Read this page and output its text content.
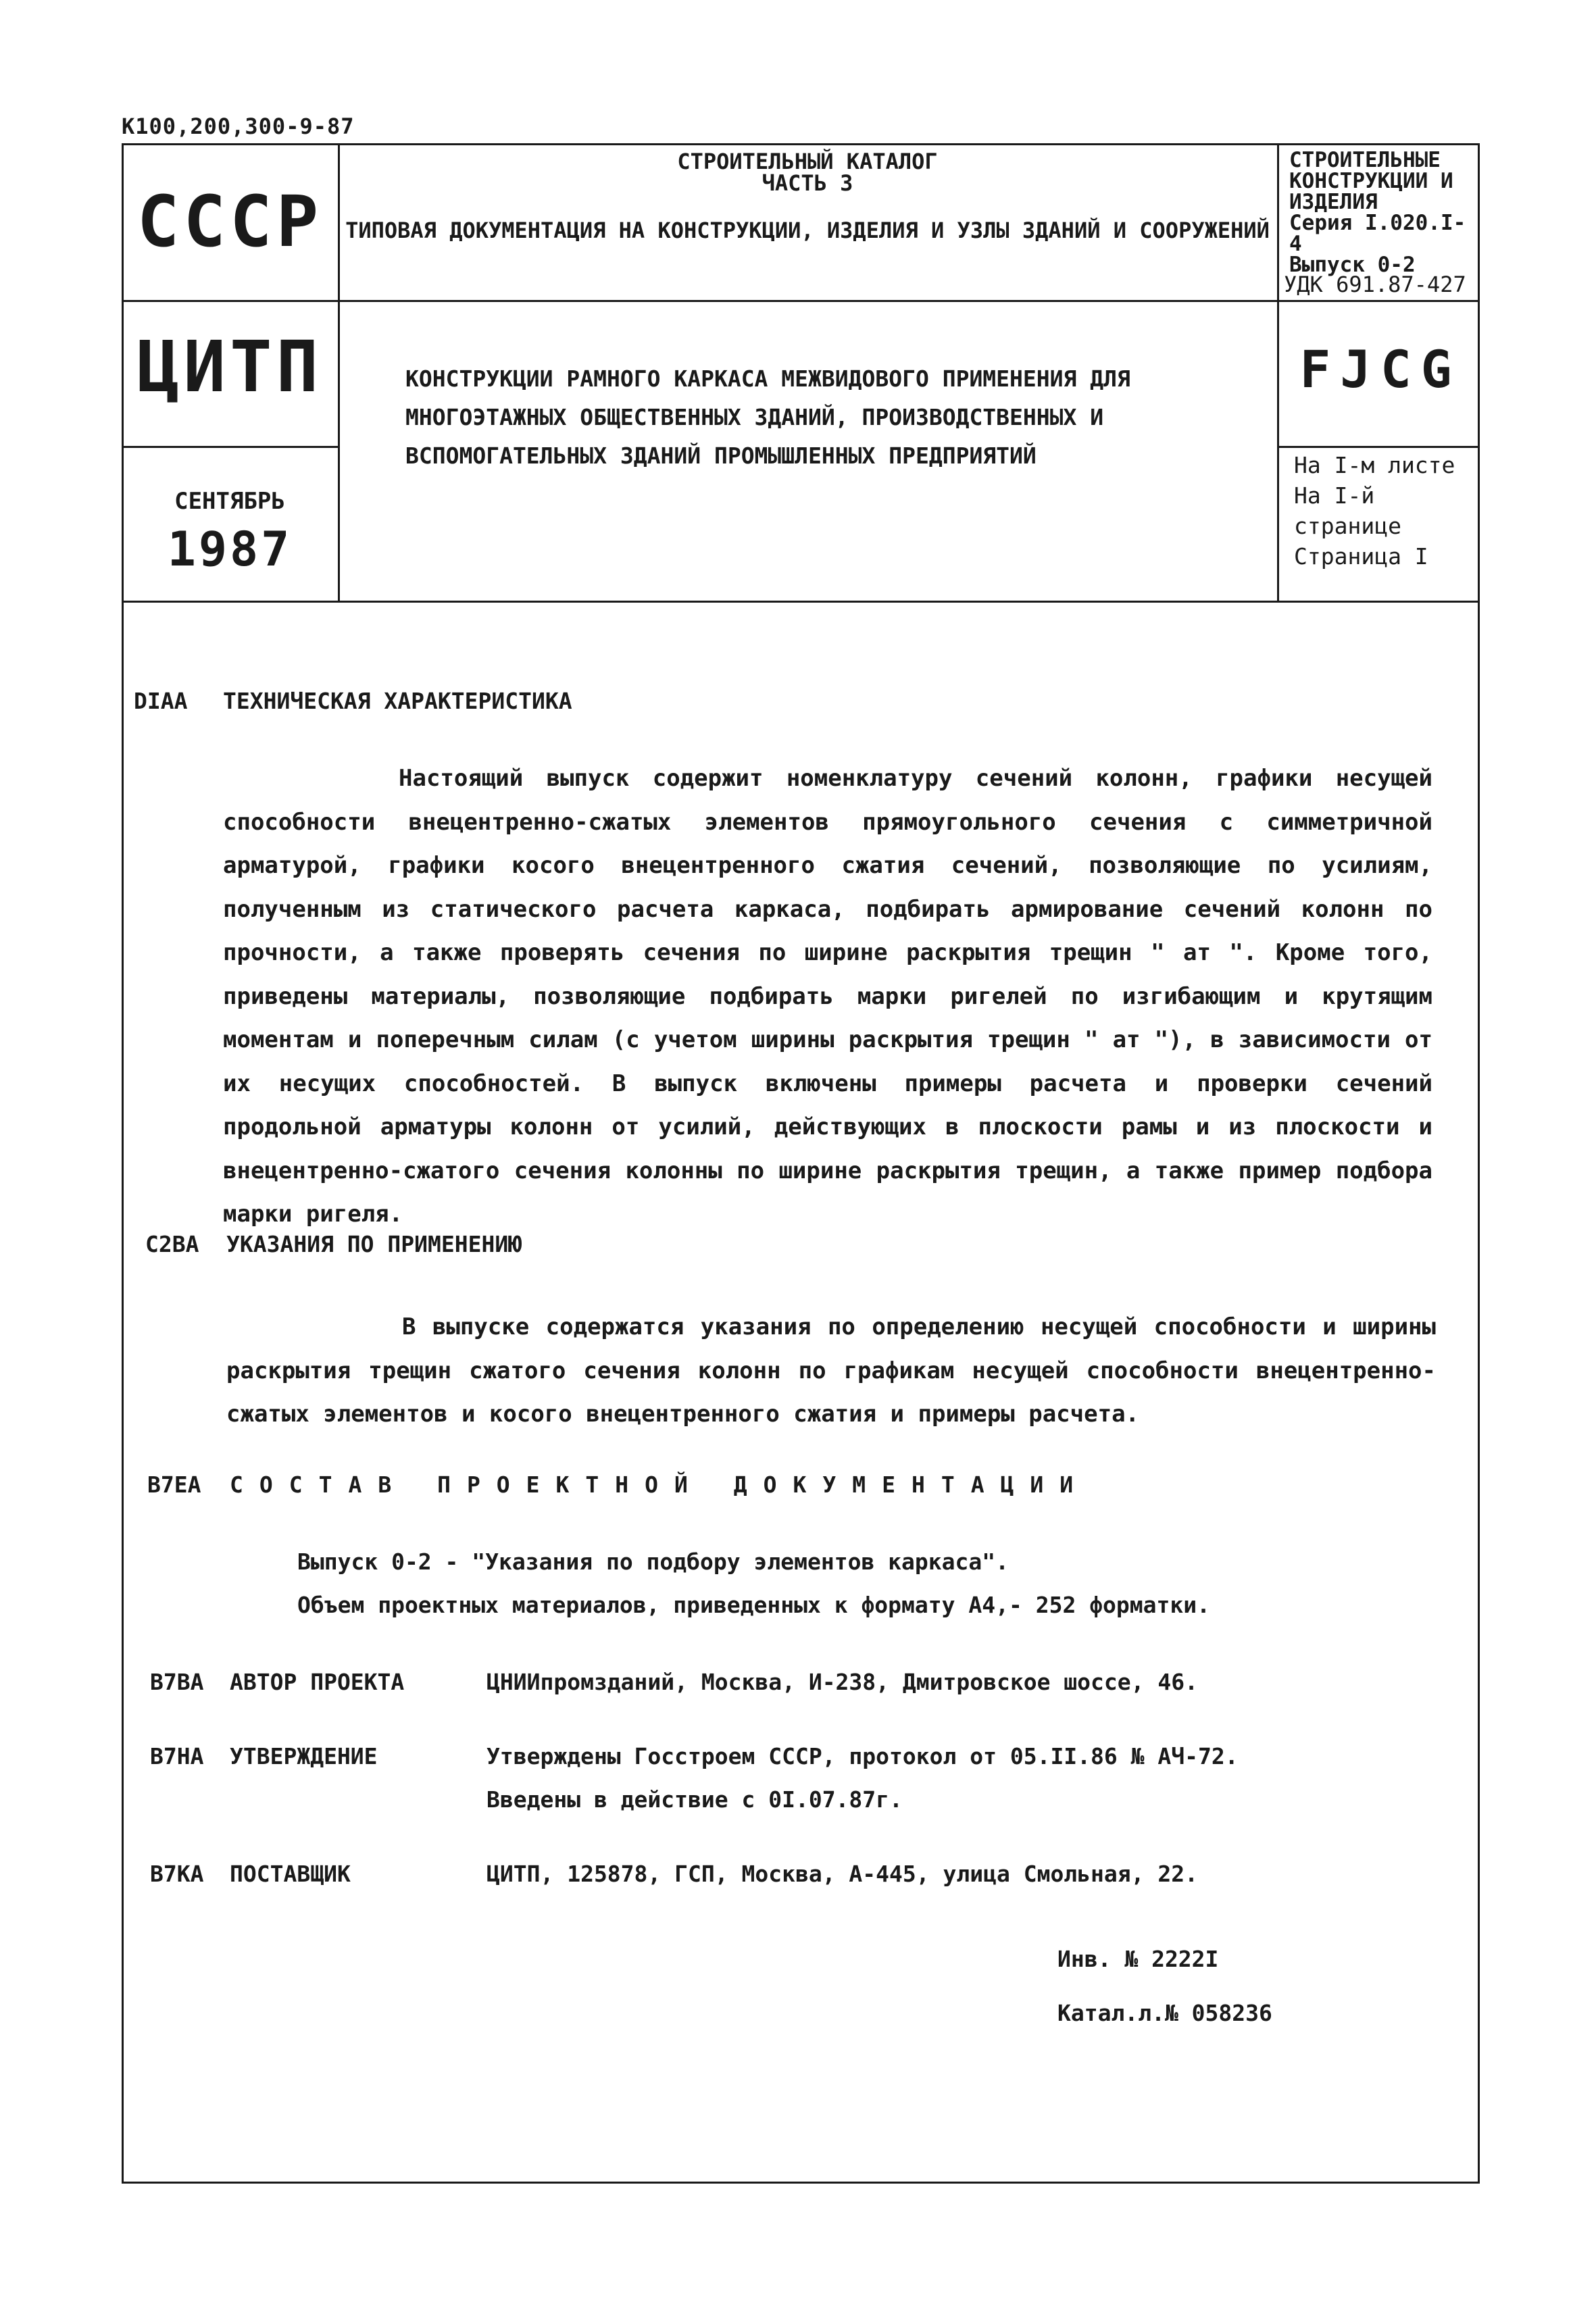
K100,200,300-9-87
СССР
ЦИТП
СЕНТЯБРЬ
1987
СТРОИТЕЛЬНЫЙ КАТАЛОГ
ЧАСТЬ 3
ТИПОВАЯ ДОКУМЕНТАЦИЯ НА КОНСТРУКЦИИ, ИЗДЕЛИЯ И УЗЛЫ ЗДАНИЙ И СООРУЖЕНИЙ
СТРОИТЕЛЬНЫЕ
КОНСТРУКЦИИ И
ИЗДЕЛИЯ
Серия I.020.I-4
Выпуск 0-2
УДК 691.87-427
FJCG
На I-м листе
На I-й странице
Страница I
КОНСТРУКЦИИ РАМНОГО КАРКАСА МЕЖВИДОВОГО ПРИМЕНЕНИЯ ДЛЯ МНОГОЭТАЖНЫХ ОБЩЕСТВЕННЫХ ЗДАНИЙ, ПРОИЗВОДСТВЕННЫХ И ВСПОМОГАТЕЛЬНЫХ ЗДАНИЙ ПРОМЫШЛЕННЫХ ПРЕДПРИЯТИЙ
DIAA ТЕХНИЧЕСКАЯ ХАРАКТЕРИСТИКА
Настоящий выпуск содержит номенклатуру сечений колонн, графики несущей способности внецентренно-сжатых элементов прямоугольного сечения с симметричной арматурой, графики косого внецентренного сжатия сечений, позволяющие по усилиям, полученным из статического расчета каркаса, подбирать армирование сечений колонн по прочности, а также проверять сечения по ширине раскрытия трещин " aт ". Кроме того, приведены материалы, позволяющие подбирать марки ригелей по изгибающим и крутящим моментам и поперечным силам (с учетом ширины раскрытия трещин " aт "), в зависимости от их несущих способностей. В выпуск включены примеры расчета и проверки сечений продольной арматуры колонн от усилий, действующих в плоскости рамы и из плоскости и внецентренно-сжатого сечения колонны по ширине раскрытия трещин, а также пример подбора марки ригеля.
C2BA УКАЗАНИЯ ПО ПРИМЕНЕНИЮ
В выпуске содержатся указания по определению несущей способности и ширины раскрытия трещин сжатого сечения колонн по графикам несущей способности внецентренно-сжатых элементов и косого внецентренного сжатия и примеры расчета.
B7EA СОСТАВ ПРОЕКТНОЙ ДОКУМЕНТАЦИИ
Выпуск 0-2 - "Указания по подбору элементов каркаса".
Объем проектных материалов, приведенных к формату А4,- 252 форматки.
B7BA АВТОР ПРОЕКТА	ЦНИИпромзданий, Москва, И-238, Дмитровское шоссе, 46.
B7HA УТВЕРЖДЕНИЕ	Утверждены Госстроем СССР, протокол от 05.II.86 № АЧ-72.
Введены в действие с 0I.07.87г.
B7KA ПОСТАВЩИК	ЦИТП, 125878, ГСП, Москва, А-445, улица Смольная, 22.
Инв. № 2222I
Катал.л.№ 058236
